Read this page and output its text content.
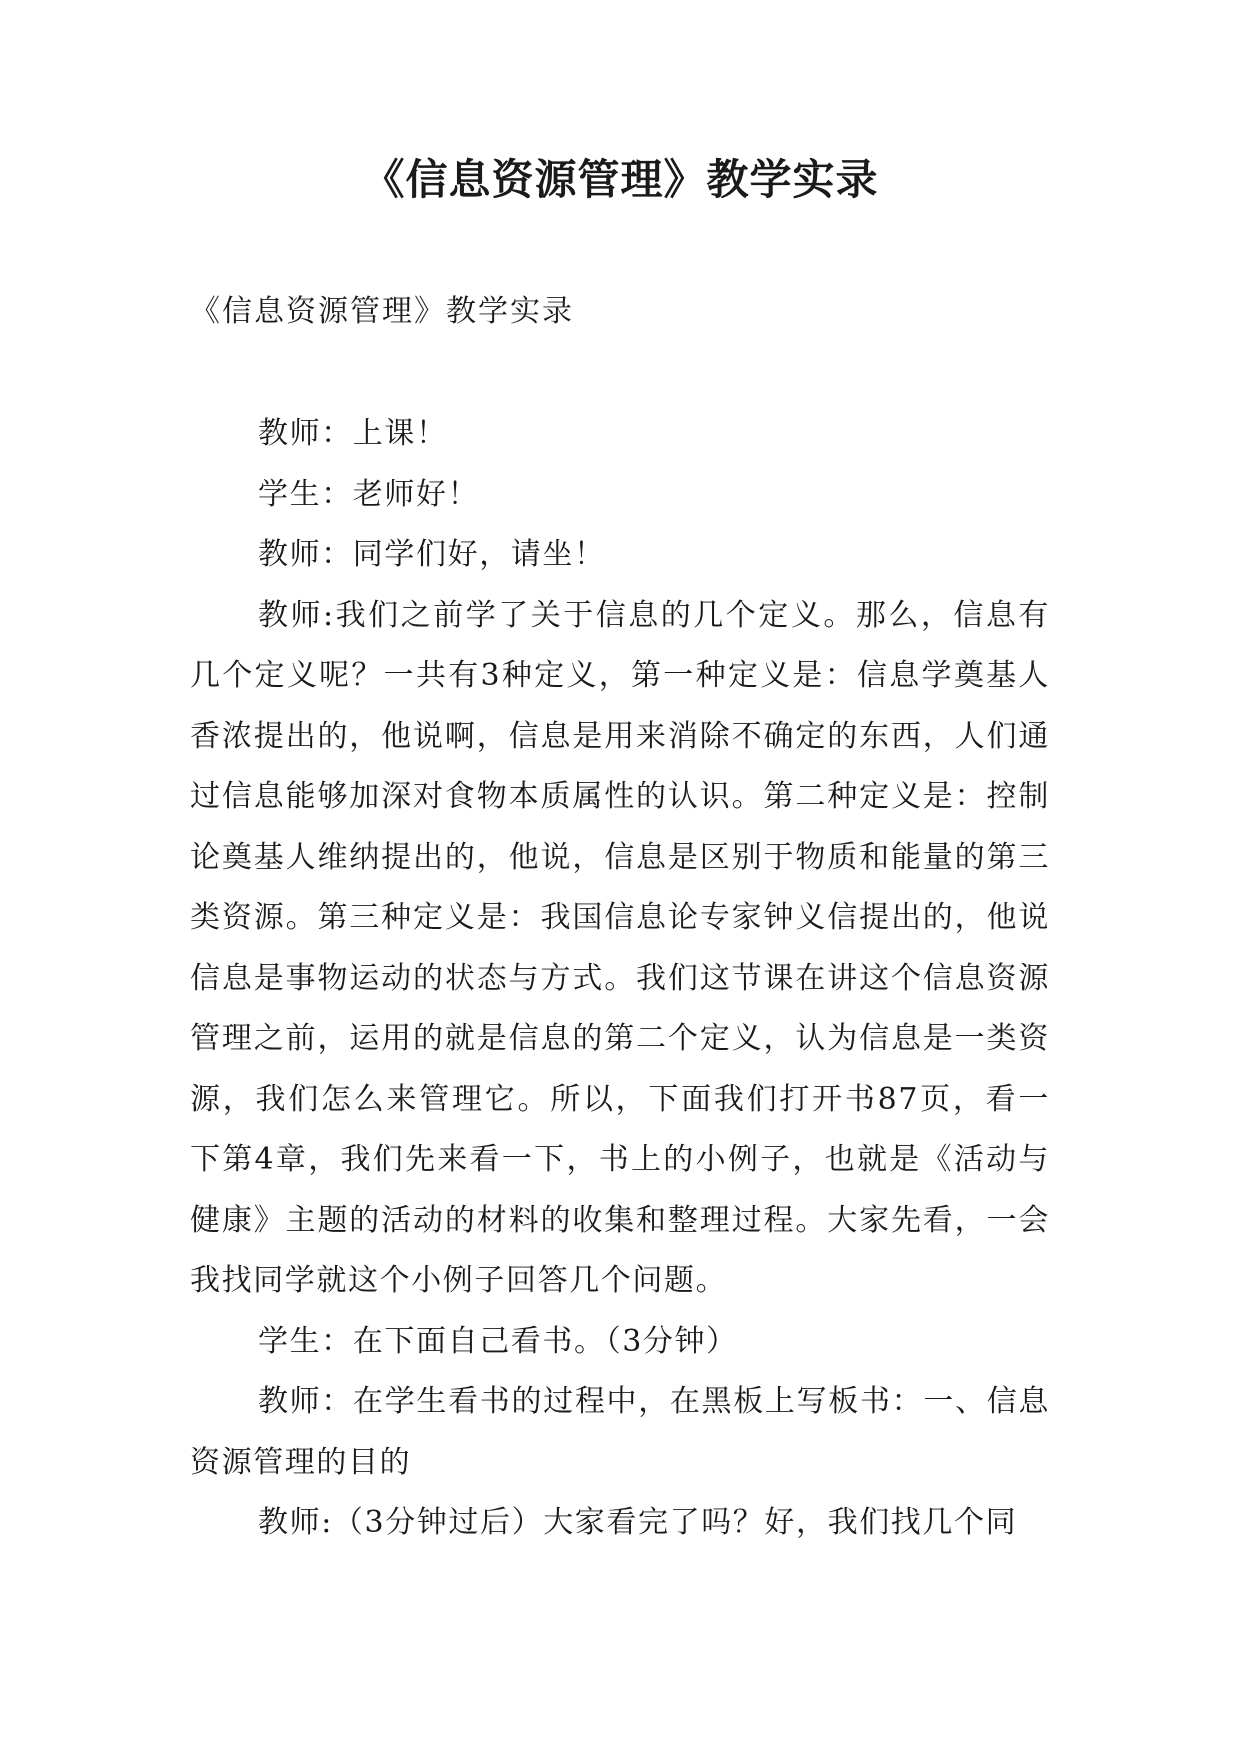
《信息资源管理》教学实录

《信息资源管理》教学实录

教师：上课！

学生：老师好！

教师：同学们好，请坐！

教师:我们之前学了关于信息的几个定义。那么，信息有几个定义呢？一共有3种定义，第一种定义是：信息学奠基人香浓提出的，他说啊，信息是用来消除不确定的东西，人们通过信息能够加深对食物本质属性的认识。第二种定义是：控制论奠基人维纳提出的，他说，信息是区别于物质和能量的第三类资源。第三种定义是：我国信息论专家钟义信提出的，他说信息是事物运动的状态与方式。我们这节课在讲这个信息资源管理之前，运用的就是信息的第二个定义，认为信息是一类资源，我们怎么来管理它。所以，下面我们打开书87页，看一下第4章，我们先来看一下，书上的小例子，也就是《活动与健康》主题的活动的材料的收集和整理过程。大家先看，一会我找同学就这个小例子回答几个问题。

学生：在下面自己看书。（3分钟）

教师：在学生看书的过程中，在黑板上写板书：一、信息资源管理的目的

教师:（3分钟过后）大家看完了吗？好，我们找几个同
